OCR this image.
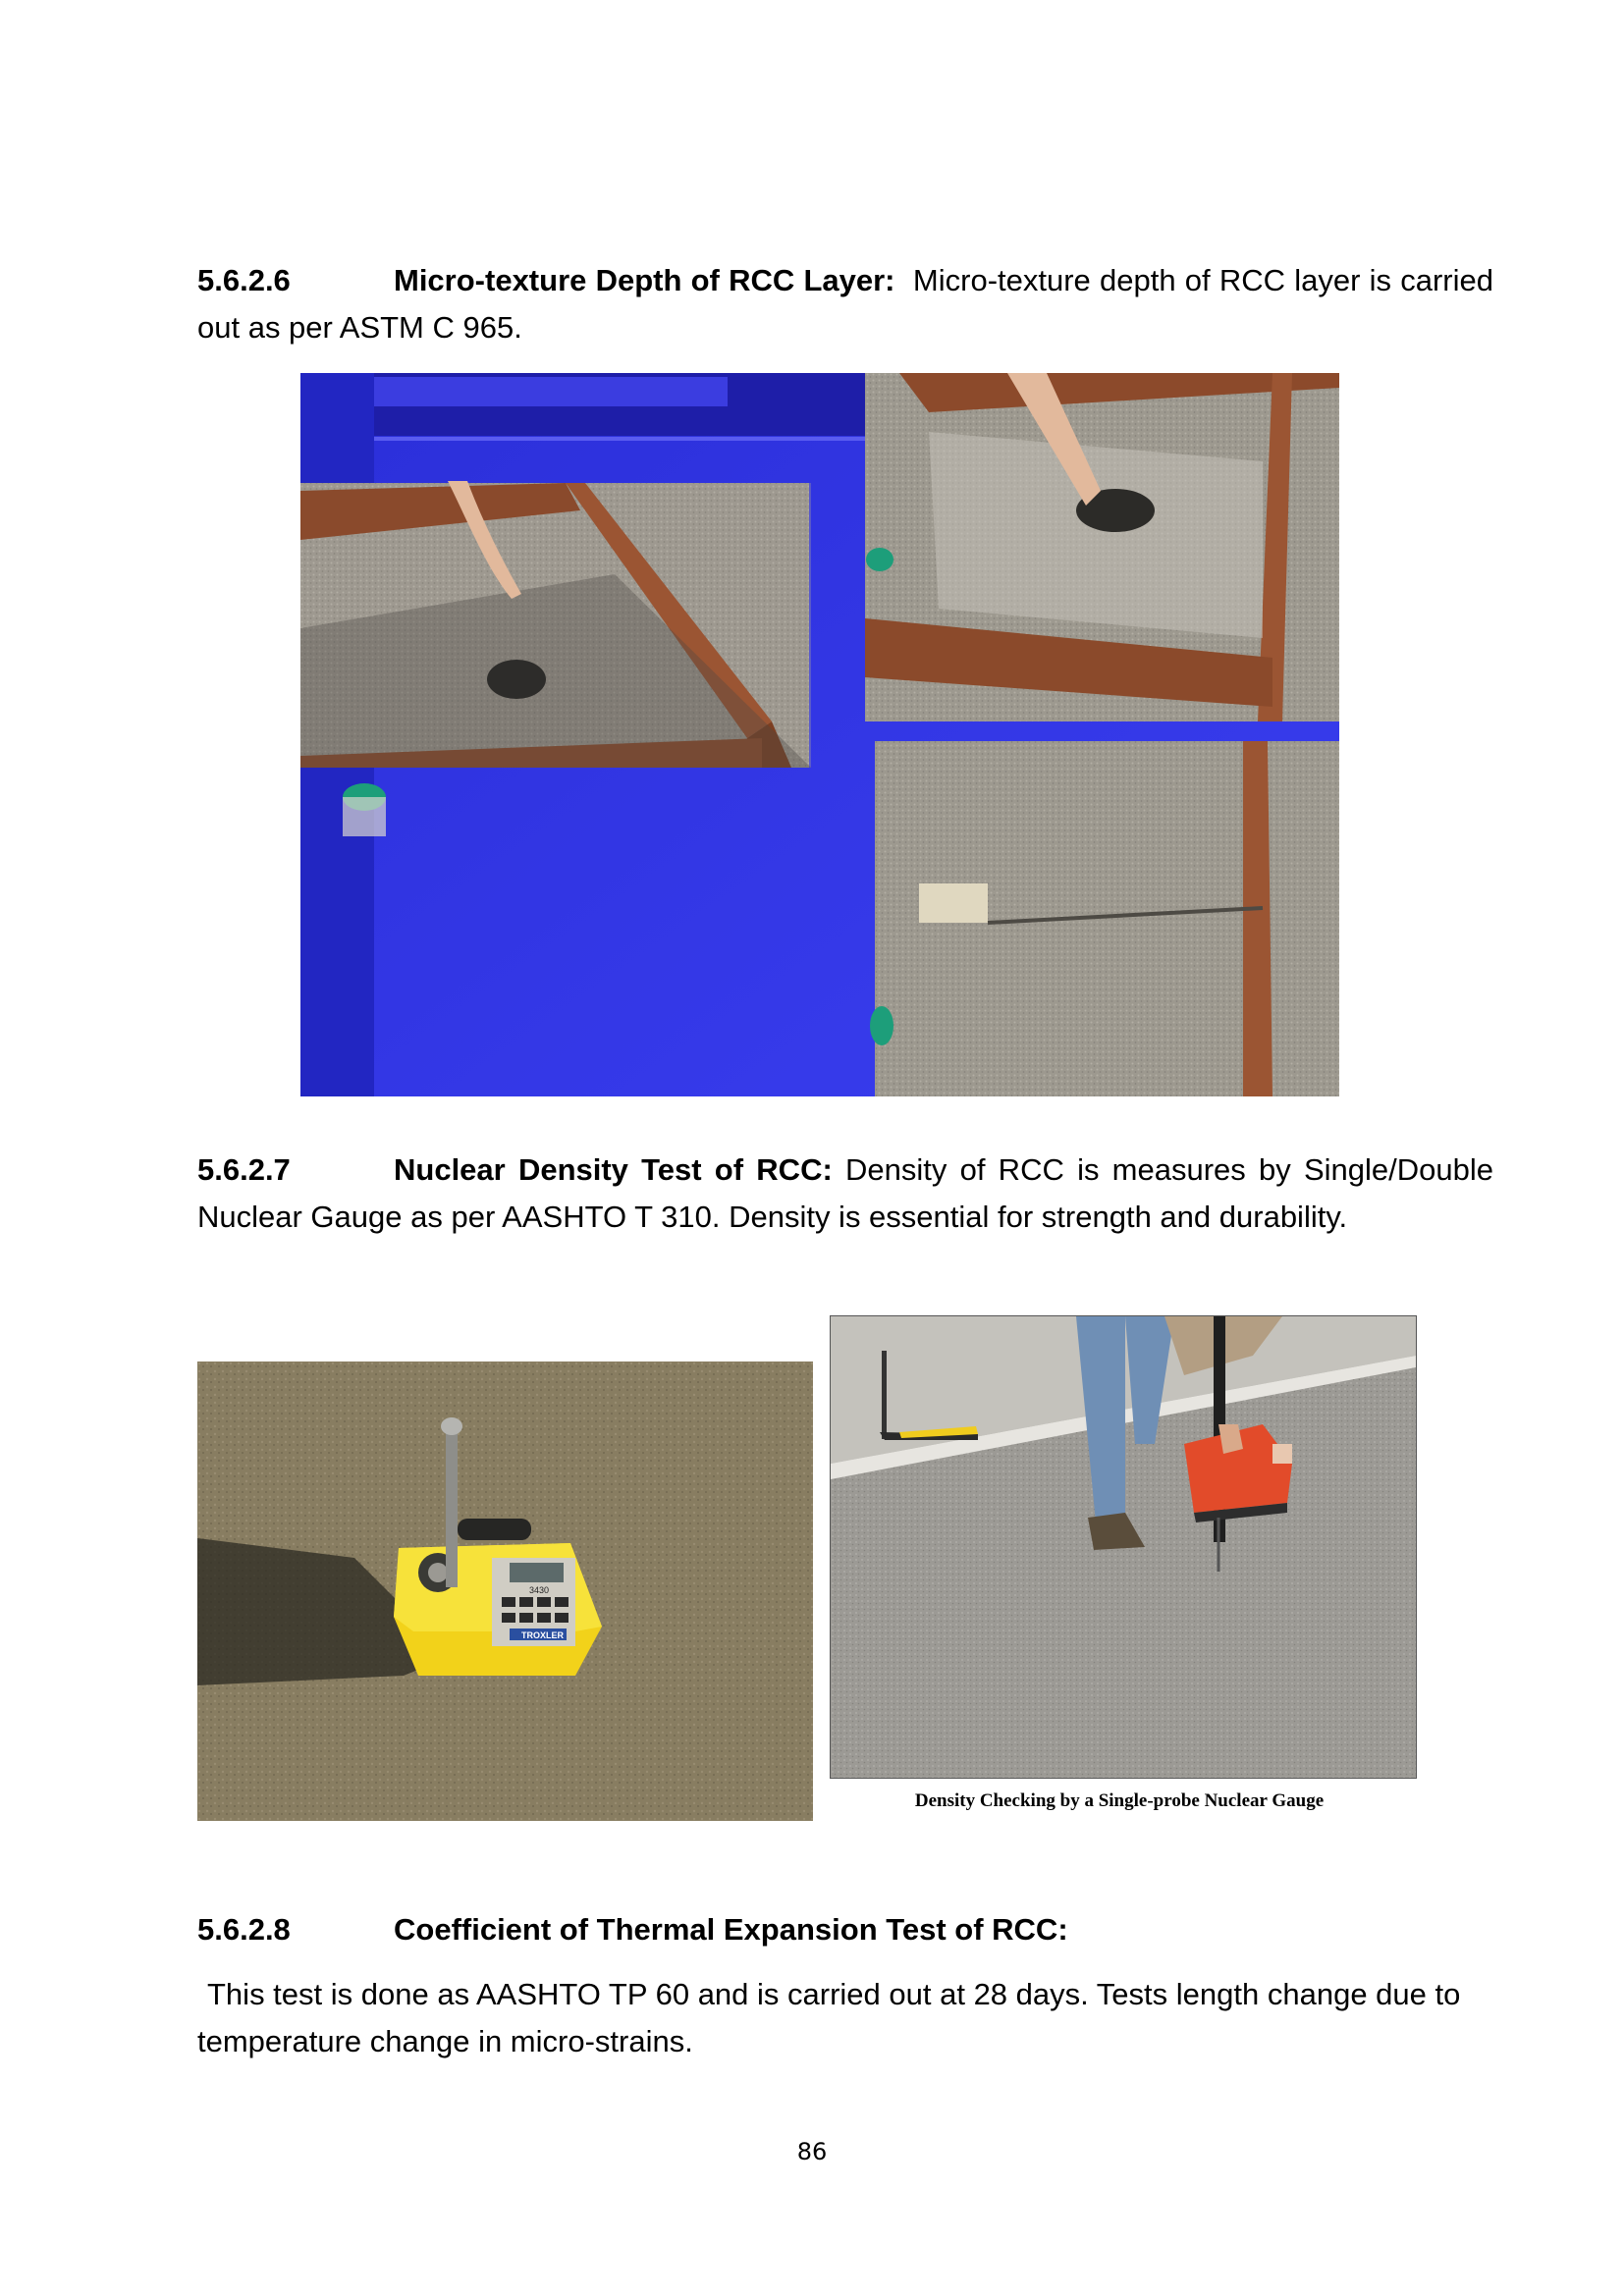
5.6.2.6	Micro-texture Depth of RCC Layer: Micro-texture depth of RCC layer is carried out as per ASTM C 965.

5.6.2.7	Nuclear Density Test of RCC: Density of RCC is measures by Single/Double Nuclear Gauge as per AASHTO T 310. Density is essential for strength and durability.

TROXLER
3430
Density Checking by a Single-probe Nuclear Gauge

5.6.2.8	Coefficient of Thermal Expansion Test of RCC:

This test is done as AASHTO TP 60 and is carried out at 28 days. Tests length change due to temperature change in micro-strains.

86
